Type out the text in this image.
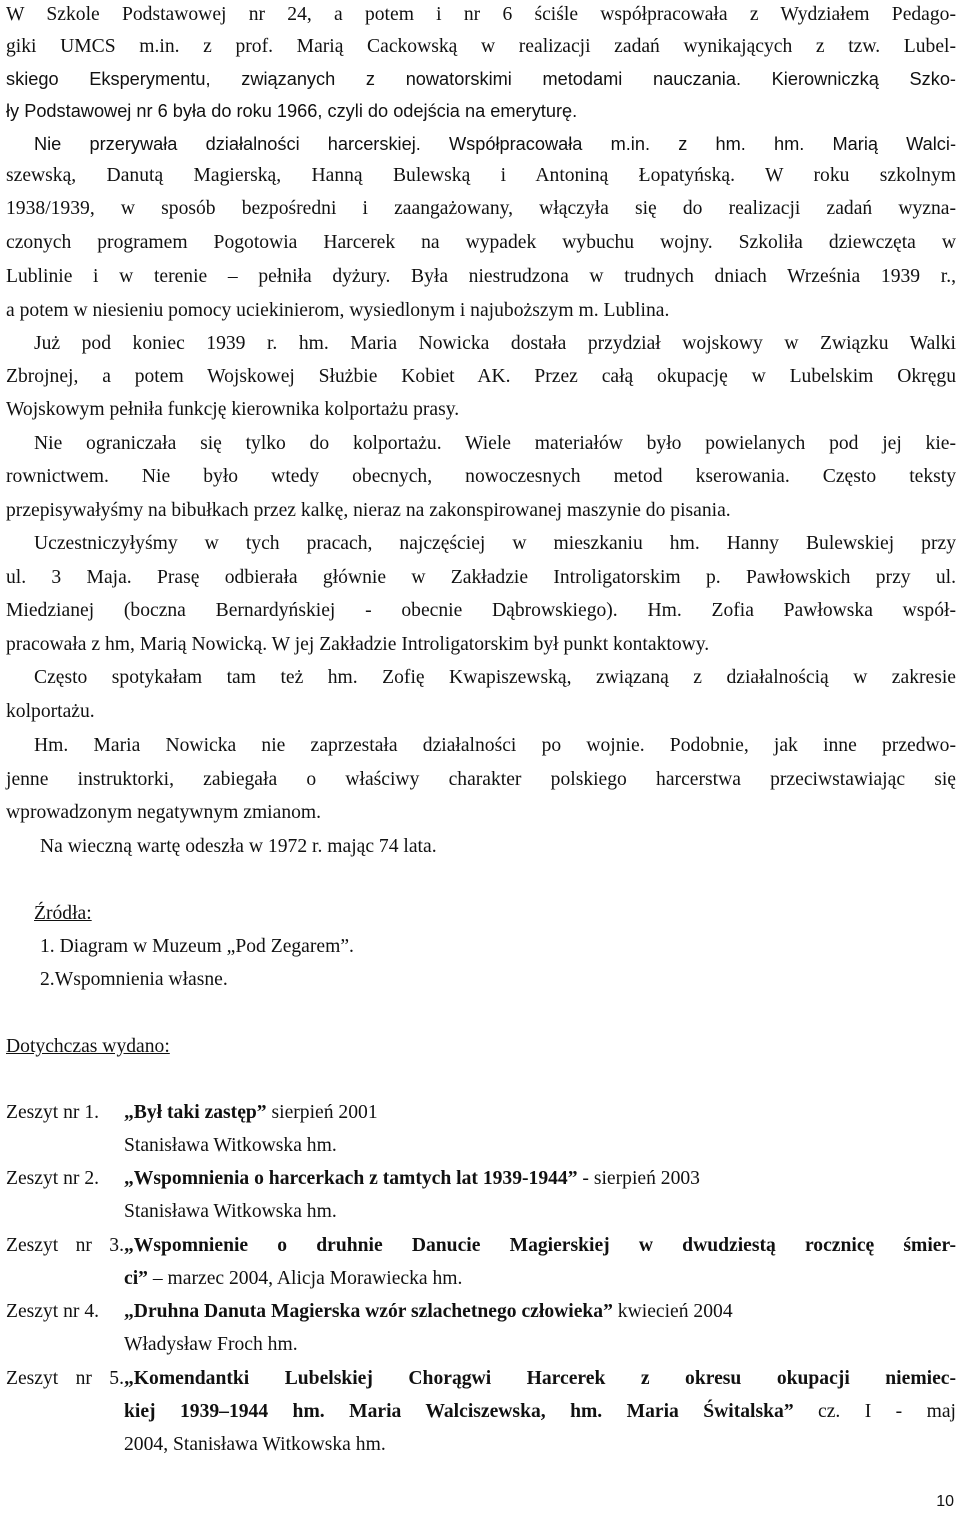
W Szkole Podstawowej nr 24, a potem i nr 6 ściśle współpracowała z Wydziałem Pedago-
giki UMCS m.in. z prof. Marią Cackowską w realizacji zadań wynikających z tzw. Lubel-
skiego Eksperymentu, związanych z nowatorskimi metodami nauczania. Kierowniczką Szko-
ły Podstawowej nr 6 była do roku 1966, czyli do odejścia na emeryturę.
Nie przerywała działalności harcerskiej. Współpracowała m.in. z hm. hm. Marią Walci-
szewską, Danutą Magierską, Hanną Bulewską i Antoniną Łopatyńską. W roku szkolnym
1938/1939, w sposób bezpośredni i zaangażowany, włączyła się do realizacji zadań wyzna-
czonych programem Pogotowia Harcerek na wypadek wybuchu wojny. Szkoliła dziewczęta w
Lublinie i w terenie – pełniła dyżury. Była niestrudzona w trudnych dniach Września 1939 r.,
a potem w niesieniu pomocy uciekinierom, wysiedlonym i najuboższym m. Lublina.
Już pod koniec 1939 r. hm. Maria Nowicka dostała przydział wojskowy w Związku Walki
Zbrojnej, a potem Wojskowej Służbie Kobiet AK. Przez całą okupację w Lubelskim Okręgu
Wojskowym pełniła funkcję kierownika kolportażu prasy.
Nie ograniczała się tylko do kolportażu. Wiele materiałów było powielanych pod jej kie-
rownictwem. Nie było wtedy obecnych, nowoczesnych metod kserowania. Często teksty
przepisywałyśmy na bibułkach przez kalkę, nieraz na zakonspirowanej maszynie do pisania.
Uczestniczyłyśmy w tych pracach, najczęściej w mieszkaniu hm. Hanny Bulewskiej przy
ul. 3 Maja. Prasę odbierała głównie w Zakładzie Introligatorskim p. Pawłowskich przy ul.
Miedzianej (boczna Bernardyńskiej - obecnie Dąbrowskiego). Hm. Zofia Pawłowska współ-
pracowała z hm, Marią Nowicką. W jej Zakładzie Introligatorskim był punkt kontaktowy.
Często spotykałam tam też hm. Zofię Kwapiszewską, związaną z działalnością w zakresie
kolportażu.
Hm. Maria Nowicka nie zaprzestała działalności po wojnie. Podobnie, jak inne przedwo-
jenne instruktorki, zabiegała o właściwy charakter polskiego harcerstwa przeciwstawiając się
wprowadzonym negatywnym zmianom.
Na wieczną wartę odeszła w 1972 r. mając 74 lata.
Źródła:
1. Diagram w Muzeum „Pod Zegarem”.
2.Wspomnienia własne.
Dotychczas wydano:
Zeszyt nr 1. „Był taki zastęp” sierpień 2001
Stanisława Witkowska hm.
Zeszyt nr 2. „Wspomnienia o harcerkach z tamtych lat 1939-1944” - sierpień 2003
Stanisława Witkowska hm.
Zeszyt nr 3.„Wspomnienie o druhnie Danucie Magierskiej w dwudziestą rocznicę śmier-
ci” – marzec 2004, Alicja Morawiecka hm.
Zeszyt nr 4. „Druhna Danuta Magierska wzór szlachetnego człowieka” kwiecień 2004
Władysław Froch hm.
Zeszyt nr 5.„Komendantki Lubelskiej Chorągwi Harcerek z okresu okupacji niemiec-
kiej 1939–1944 hm. Maria Walciszewska, hm. Maria Świtalska” cz. I - maj
2004, Stanisława Witkowska hm.
10
